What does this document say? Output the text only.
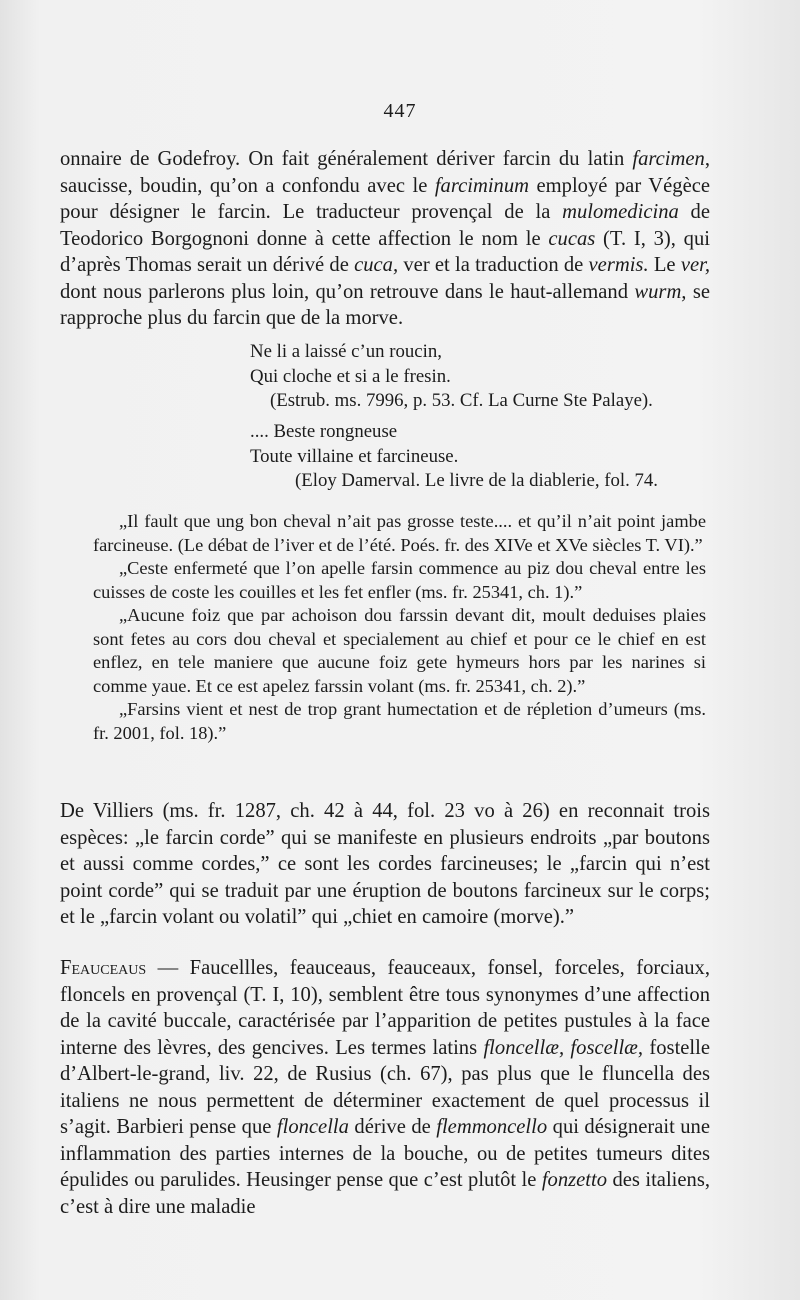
447

onnaire de Godefroy. On fait généralement dériver farcin du latin farcimen, saucisse, boudin, qu’on a confondu avec le farciminum employé par Végèce pour désigner le farcin. Le traducteur provençal de la mulomedicina de Teodorico Borgognoni donne à cette affection le nom le cucas (T. I, 3), qui d’après Thomas serait un dérivé de cuca, ver et la traduction de vermis. Le ver, dont nous parlerons plus loin, qu’on retrouve dans le haut-allemand wurm, se rapproche plus du farcin que de la morve.

Ne li a laissé c’un roucin,
Qui cloche et si a le fresin.
(Estrub. ms. 7996, p. 53. Cf. La Curne Ste Palaye).
.... Beste rongneuse
Toute villaine et farcineuse.
(Eloy Damerval. Le livre de la diablerie, fol. 74.

„Il fault que ung bon cheval n’ait pas grosse teste.... et qu’il n’ait point jambe farcineuse. (Le débat de l’iver et de l’été. Poés. fr. des XIVe et XVe siècles T. VI).”

„Ceste enfermeté que l’on apelle farsin commence au piz dou cheval entre les cuisses de coste les couilles et les fet enfler (ms. fr. 25341, ch. 1).”

„Aucune foiz que par achoison dou farssin devant dit, moult deduises plaies sont fetes au cors dou cheval et specialement au chief et pour ce le chief en est enflez, en tele maniere que aucune foiz gete hymeurs hors par les narines si comme yaue. Et ce est apelez farssin volant (ms. fr. 25341, ch. 2).”

„Farsins vient et nest de trop grant humectation et de répletion d’umeurs (ms. fr. 2001, fol. 18).”

De Villiers (ms. fr. 1287, ch. 42 à 44, fol. 23 vo à 26) en reconnait trois espèces: „le farcin corde” qui se manifeste en plusieurs endroits „par boutons et aussi comme cordes,” ce sont les cordes farcineuses; le „farcin qui n’est point corde” qui se traduit par une éruption de boutons farcineux sur le corps; et le „farcin volant ou volatil” qui „chiet en camoire (morve).”

Feauceaus — Faucellles, feauceaus, feauceaux, fonsel, forceles, forciaux, floncels en provençal (T. I, 10), semblent être tous synonymes d’une affection de la cavité buccale, caractérisée par l’apparition de petites pustules à la face interne des lèvres, des gencives. Les termes latins floncellæ, foscellæ, fostelle d’Albert-le-grand, liv. 22, de Rusius (ch. 67), pas plus que le fluncella des italiens ne nous permettent de déterminer exactement de quel processus il s’agit. Barbieri pense que floncella dérive de flemmoncello qui désignerait une inflammation des parties internes de la bouche, ou de petites tumeurs dites épulides ou parulides. Heusinger pense que c’est plutôt le fonzetto des italiens, c’est à dire une maladie
